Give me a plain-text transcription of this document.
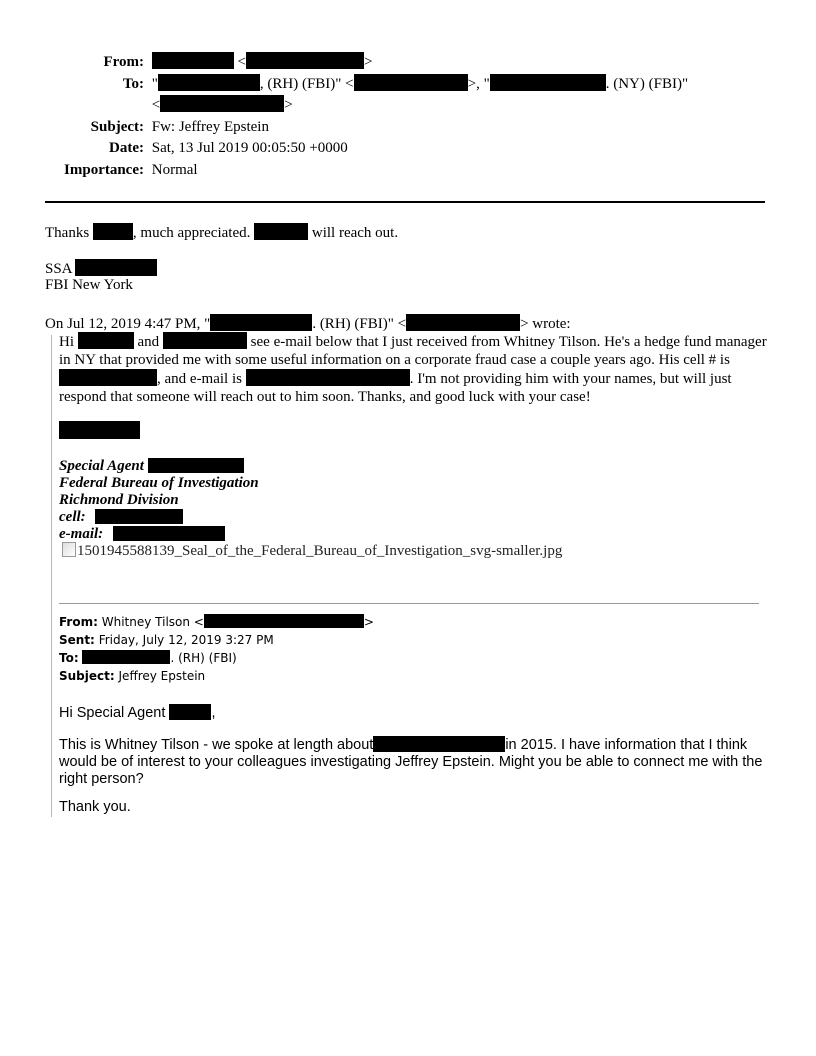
From:	<	>
To: "	, (RH) (FBI)" <	>, "	. (NY) (FBI)"
<	>
Subject: Fw: Jeffrey Epstein
Date: Sat, 13 Jul 2019 00:05:50 +0000
Importance: Normal
Thanks	, much appreciated.	will reach out.
SSA
FBI New York
On Jul 12, 2019 4:47 PM, "	. (RH) (FBI)" <	> wrote:
Hi	and	see e-mail below that I just received from Whitney Tilson. He's a hedge fund manager in NY that provided me with some useful information on a corporate fraud case a couple years ago. His cell # is , and e-mail is	. I'm not providing him with your names, but will just respond that someone will reach out to him soon. Thanks, and good luck with your case!
Special Agent
Federal Bureau of Investigation
Richmond Division
cell:
e-mail:
1501945588139_Seal_of_the_Federal_Bureau_of_Investigation_svg-smaller.jpg
From: Whitney Tilson <	>
Sent: Friday, July 12, 2019 3:27 PM
To:	. (RH) (FBI)
Subject: Jeffrey Epstein
Hi Special Agent	,
This is Whitney Tilson - we spoke at length about	in 2015. I have information that I think would be of interest to your colleagues investigating Jeffrey Epstein. Might you be able to connect me with the right person?
Thank you.
